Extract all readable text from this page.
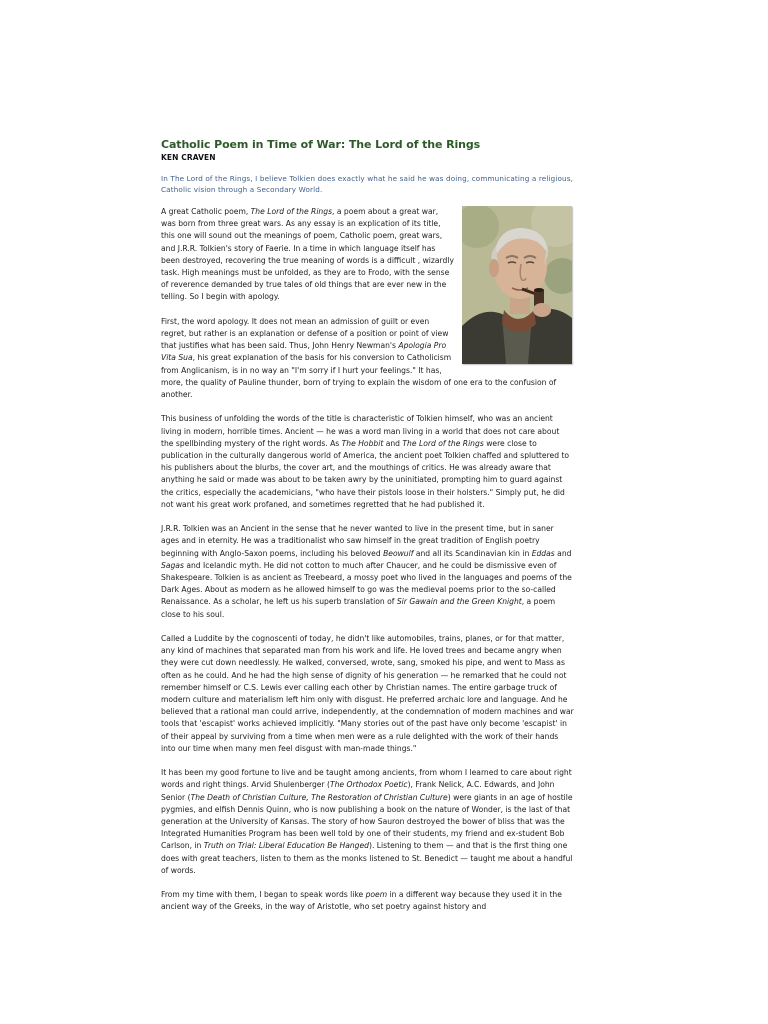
Catholic Poem in Time of War: The Lord of the Rings
KEN CRAVEN

In The Lord of the Rings, I believe Tolkien does exactly what he said he was doing, communicating a religious, Catholic vision through a Secondary World.

A great Catholic poem, The Lord of the Rings, a poem about a great war, was born from three great wars. As any essay is an explication of its title, this one will sound out the meanings of poem, Catholic poem, great wars, and J.R.R. Tolkien's story of Faerie. In a time in which language itself has been destroyed, recovering the true meaning of words is a difficult , wizardly task. High meanings must be unfolded, as they are to Frodo, with the sense of reverence demanded by true tales of old things that are ever new in the telling. So I begin with apology.

First, the word apology. It does not mean an admission of guilt or even regret, but rather is an explanation or defense of a position or point of view that justifies what has been said. Thus, John Henry Newman's Apologia Pro Vita Sua, his great explanation of the basis for his conversion to Catholicism from Anglicanism, is in no way an "I'm sorry if I hurt your feelings." It has, more, the quality of Pauline thunder, born of trying to explain the wisdom of one era to the confusion of another.

This business of unfolding the words of the title is characteristic of Tolkien himself, who was an ancient living in modern, horrible times. Ancient — he was a word man living in a world that does not care about the spellbinding mystery of the right words. As The Hobbit and The Lord of the Rings were close to publication in the culturally dangerous world of America, the ancient poet Tolkien chaffed and spluttered to his publishers about the blurbs, the cover art, and the mouthings of critics. He was already aware that anything he said or made was about to be taken awry by the uninitiated, prompting him to guard against the critics, especially the academicians, "who have their pistols loose in their holsters." Simply put, he did not want his great work profaned, and sometimes regretted that he had published it.

J.R.R. Tolkien was an Ancient in the sense that he never wanted to live in the present time, but in saner ages and in eternity. He was a traditionalist who saw himself in the great tradition of English poetry beginning with Anglo-Saxon poems, including his beloved Beowulf and all its Scandinavian kin in Eddas and Sagas and Icelandic myth. He did not cotton to much after Chaucer, and he could be dismissive even of Shakespeare. Tolkien is as ancient as Treebeard, a mossy poet who lived in the languages and poems of the Dark Ages. About as modern as he allowed himself to go was the medieval poems prior to the so-called Renaissance. As a scholar, he left us his superb translation of Sir Gawain and the Green Knight, a poem close to his soul.

Called a Luddite by the cognoscenti of today, he didn't like automobiles, trains, planes, or for that matter, any kind of machines that separated man from his work and life. He loved trees and became angry when they were cut down needlessly. He walked, conversed, wrote, sang, smoked his pipe, and went to Mass as often as he could. And he had the high sense of dignity of his generation — he remarked that he could not remember himself or C.S. Lewis ever calling each other by Christian names. The entire garbage truck of modern culture and materialism left him only with disgust. He preferred archaic lore and language. And he believed that a rational man could arrive, independently, at the condemnation of modern machines and war tools that 'escapist' works achieved implicitly. "Many stories out of the past have only become 'escapist' in of their appeal by surviving from a time when men were as a rule delighted with the work of their hands into our time when many men feel disgust with man-made things."

It has been my good fortune to live and be taught among ancients, from whom I learned to care about right words and right things. Arvid Shulenberger (The Orthodox Poetic), Frank Nelick, A.C. Edwards, and John Senior (The Death of Christian Culture, The Restoration of Christian Culture) were giants in an age of hostile pygmies, and elfish Dennis Quinn, who is now publishing a book on the nature of Wonder, is the last of that generation at the University of Kansas. The story of how Sauron destroyed the bower of bliss that was the Integrated Humanities Program has been well told by one of their students, my friend and ex-student Bob Carlson, in Truth on Trial: Liberal Education Be Hanged). Listening to them — and that is the first thing one does with great teachers, listen to them as the monks listened to St. Benedict — taught me about a handful of words.

From my time with them, I began to speak words like poem in a different way because they used it in the ancient way of the Greeks, in the way of Aristotle, who set poetry against history and
